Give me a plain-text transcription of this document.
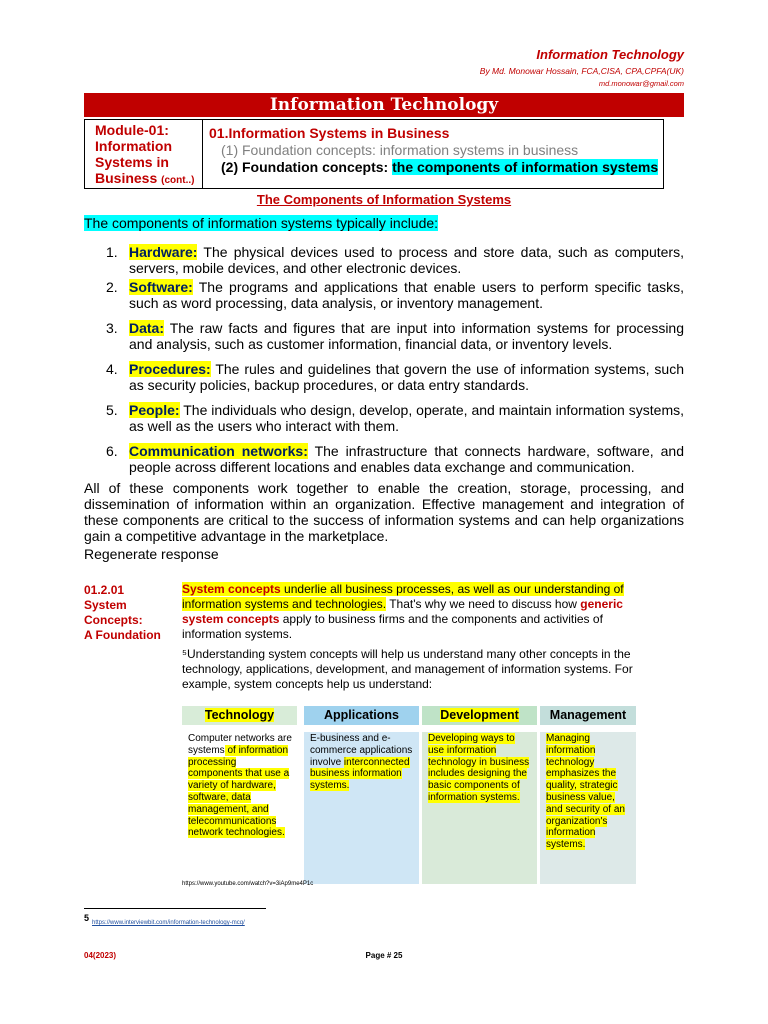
Information Technology
By Md. Monowar Hossain, FCA,CISA, CPA,CPFA(UK)
md.monowar@gmail.com
Information Technology
Module-01: Information Systems in Business (cont..)
01.Information Systems in Business
(1) Foundation concepts: information systems in business
(2) Foundation concepts: the components of information systems
The Components of Information Systems
The components of information systems typically include:
1. Hardware: The physical devices used to process and store data, such as computers, servers, mobile devices, and other electronic devices.
2. Software: The programs and applications that enable users to perform specific tasks, such as word processing, data analysis, or inventory management.
3. Data: The raw facts and figures that are input into information systems for processing and analysis, such as customer information, financial data, or inventory levels.
4. Procedures: The rules and guidelines that govern the use of information systems, such as security policies, backup procedures, or data entry standards.
5. People: The individuals who design, develop, operate, and maintain information systems, as well as the users who interact with them.
6. Communication networks: The infrastructure that connects hardware, software, and people across different locations and enables data exchange and communication.
All of these components work together to enable the creation, storage, processing, and dissemination of information within an organization. Effective management and integration of these components are critical to the success of information systems and can help organizations gain a competitive advantage in the marketplace.
Regenerate response
01.2.01
System
Concepts:
A Foundation
System concepts underlie all business processes, as well as our understanding of information systems and technologies. That's why we need to discuss how generic system concepts apply to business firms and the components and activities of information systems.
⁵Understanding system concepts will help us understand many other concepts in the technology, applications, development, and management of information systems. For example, system concepts help us understand:
Technology
Computer networks are systems of information processing components that use a variety of hardware, software, data management, and telecommunications network technologies.
Applications
E-business and e-commerce applications involve interconnected business information systems.
Development
Developing ways to use information technology in business includes designing the basic components of information systems.
Management
Managing information technology emphasizes the quality, strategic business value, and security of an organization's information systems.
https://www.youtube.com/watch?v=3iAp9me4P1c
5 https://www.interviewbit.com/information-technology-mcq/
04(2023)	Page # 25
